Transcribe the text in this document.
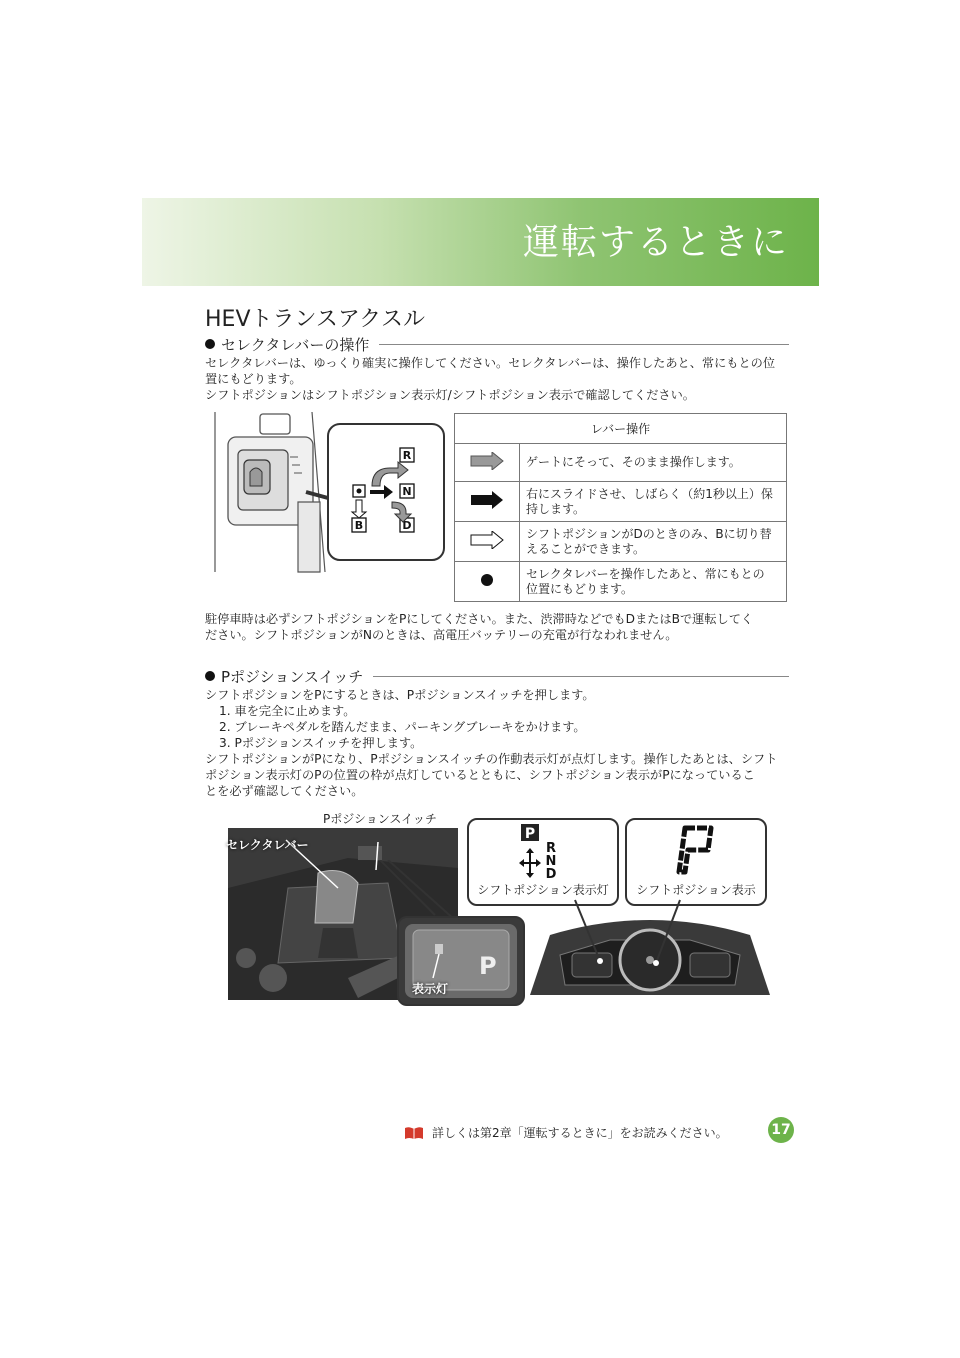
運転するときに
HEVトランスアクスル
セレクタレバーの操作
セレクタレバーは、ゆっくり確実に操作してください。セレクタレバーは、操作したあと、常にもとの位
置にもどります。
シフトポジションはシフトポジション表示灯/シフトポジション表示で確認してください。
R
N
B	D
レバー操作	
	ゲートにそって、そのまま操作します。

右にスライドさせ、しばらく（約1秒以上）保
持します。

シフトポジションがDのときのみ、Bに切り替
えることができます。

セレクタレバーを操作したあと、常にもとの
位置にもどります。
駐停車時は必ずシフトポジションをPにしてください。また、渋滞時などでもDまたはBで運転してく
ださい。シフトポジションがNのときは、高電圧バッテリーの充電が行なわれません。
Pポジションスイッチ
シフトポジションをPにするときは、Pポジションスイッチを押します。
1. 車を完全に止めます。
2. ブレーキペダルを踏んだまま、パーキングブレーキをかけます。
3. Pポジションスイッチを押します。
シフトポジションがPになり、Pポジションスイッチの作動表示灯が点灯します。操作したあとは、シフト
ポジション表示灯のPの位置の枠が点灯しているとともに、シフトポジション表示がPになっているこ
とを必ず確認してください。
Pポジションスイッチ
セレクタレバー
P
表示灯
P
R
N
D
シフトポジション表示灯	シフトポジション表示
詳しくは第2章「運転するときに」をお読みください。	17
